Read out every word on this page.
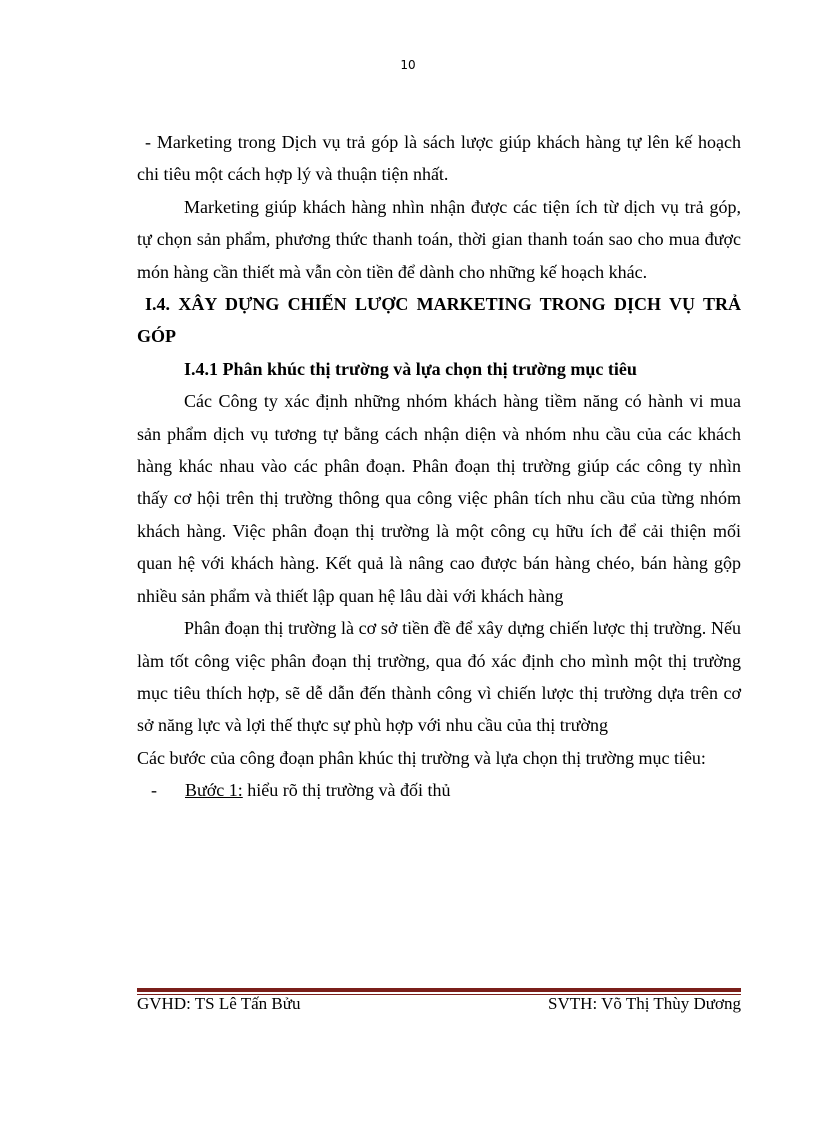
10

- Marketing trong Dịch vụ trả góp là sách lược giúp khách hàng tự lên kế hoạch chi tiêu một cách hợp lý và thuận tiện nhất.

Marketing giúp khách hàng nhìn nhận được các tiện ích từ dịch vụ trả góp, tự chọn sản phẩm, phương thức thanh toán, thời gian thanh toán sao cho mua được món hàng cần thiết mà vẫn còn tiền để dành cho những kế hoạch khác.

I.4. XÂY DỰNG CHIẾN LƯỢC MARKETING TRONG DỊCH VỤ TRẢ GÓP

I.4.1 Phân khúc thị trường và lựa chọn thị trường mục tiêu

Các Công ty xác định những nhóm khách hàng tiềm năng có hành vi mua sản phẩm dịch vụ tương tự bằng cách nhận diện và nhóm nhu cầu của các khách hàng khác nhau vào các phân đoạn. Phân đoạn thị trường giúp các công ty nhìn thấy cơ hội trên thị trường thông qua công việc phân tích nhu cầu của từng nhóm khách hàng. Việc phân đoạn thị trường là một công cụ hữu ích để cải thiện mối quan hệ với khách hàng. Kết quả là nâng cao được bán hàng chéo, bán hàng gộp nhiều sản phẩm và thiết lập quan hệ lâu dài với khách hàng

Phân đoạn thị trường là cơ sở tiền đề để xây dựng chiến lược thị trường. Nếu làm tốt công việc phân đoạn thị trường, qua đó xác định cho mình một thị trường mục tiêu thích hợp, sẽ dễ dẫn đến thành công vì chiến lược thị trường dựa trên cơ sở năng lực và lợi thế thực sự phù hợp với nhu cầu của thị trường

Các bước của công đoạn phân khúc thị trường và lựa chọn thị trường mục tiêu:

-	Bước 1: hiểu rõ thị trường và đối thủ
GVHD: TS Lê Tấn Bửu	SVTH: Võ Thị Thùy Dương
